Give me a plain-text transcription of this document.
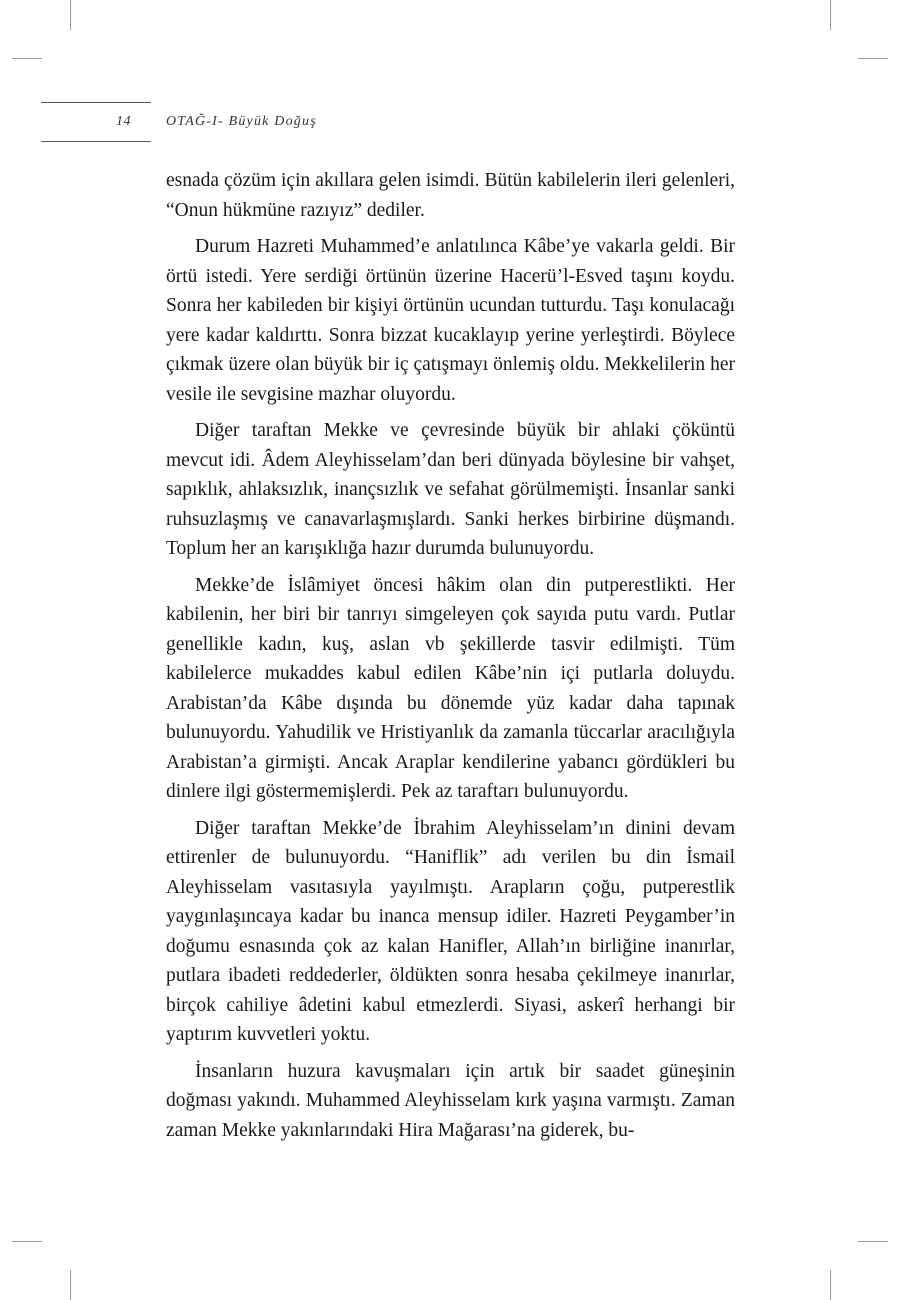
14	OTAĞ-I- Büyük Doğuş

esnada çözüm için akıllara gelen isimdi. Bütün kabilelerin ileri gelenleri, “Onun hükmüne razıyız” dediler.

Durum Hazreti Muhammed’e anlatılınca Kâbe’ye vakarla geldi. Bir örtü istedi. Yere serdiği örtünün üzerine Hacerü’l-Esved taşını koydu. Sonra her kabileden bir kişiyi örtünün ucundan tutturdu. Taşı konulacağı yere kadar kaldırttı. Sonra bizzat kucaklayıp yerine yerleştirdi. Böylece çıkmak üzere olan büyük bir iç çatışmayı önlemiş oldu. Mekkelilerin her vesile ile sevgisine mazhar oluyordu.

Diğer taraftan Mekke ve çevresinde büyük bir ahlaki çöküntü mevcut idi. Âdem Aleyhisselam’dan beri dünyada böylesine bir vahşet, sapıklık, ahlaksızlık, inançsızlık ve sefahat görülmemişti. İnsanlar sanki ruhsuzlaşmış ve canavarlaşmışlardı. Sanki herkes birbirine düşmandı. Toplum her an karışıklığa hazır durumda bulunuyordu.

Mekke’de İslâmiyet öncesi hâkim olan din putperestlikti. Her kabilenin, her biri bir tanrıyı simgeleyen çok sayıda putu vardı. Putlar genellikle kadın, kuş, aslan vb şekillerde tasvir edilmişti. Tüm kabilelerce mukaddes kabul edilen Kâbe’nin içi putlarla doluydu. Arabistan’da Kâbe dışında bu dönemde yüz kadar daha tapınak bulunuyordu. Yahudilik ve Hristiyanlık da zamanla tüccarlar aracılığıyla Arabistan’a girmişti. Ancak Araplar kendilerine yabancı gördükleri bu dinlere ilgi göstermemişlerdi. Pek az taraftarı bulunuyordu.

Diğer taraftan Mekke’de İbrahim Aleyhisselam’ın dinini devam ettirenler de bulunuyordu. “Haniflik” adı verilen bu din İsmail Aleyhisselam vasıtasıyla yayılmıştı. Arapların çoğu, putperestlik yaygınlaşıncaya kadar bu inanca mensup idiler. Hazreti Peygamber’in doğumu esnasında çok az kalan Hanifler, Allah’ın birliğine inanırlar, putlara ibadeti reddederler, öldükten sonra hesaba çekilmeye inanırlar, birçok cahiliye âdetini kabul etmezlerdi. Siyasi, askerî herhangi bir yaptırım kuvvetleri yoktu.

İnsanların huzura kavuşmaları için artık bir saadet güneşinin doğması yakındı. Muhammed Aleyhisselam kırk yaşına varmıştı. Zaman zaman Mekke yakınlarındaki Hira Mağarası’na giderek, bu-
